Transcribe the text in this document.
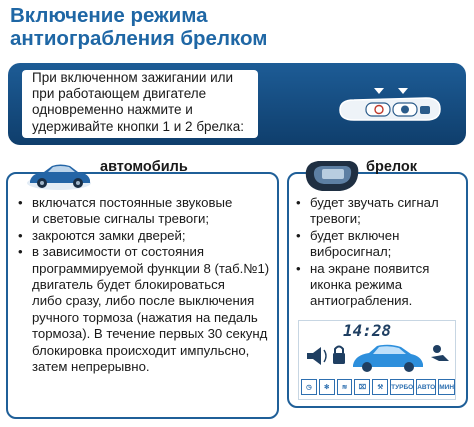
Включение режима
антиограбления брелком
При включенном зажигании или
при работающем двигателе
одновременно нажмите и
удерживайте кнопки 1 и 2 брелка:
автомобиль
• включатся постоянные звуковые
и световые сигналы тревоги;
• закроются замки дверей;
• в зависимости от состояния
программируемой функции 8 (таб.№1)
двигатель будет блокироваться
либо сразу, либо после выключения
ручного тормоза (нажатия на педаль
тормоза). В течение первых 30 секунд
блокировка происходит импульсно,
затем непрерывно.
брелок
• будет звучать сигнал
тревоги;
• будет включен
вибросигнал;
• на экране появится
иконка режима
антиограбления.
14:28
◷	✻	≋	⌧	⚒	ТУРБО АВТО МИН
